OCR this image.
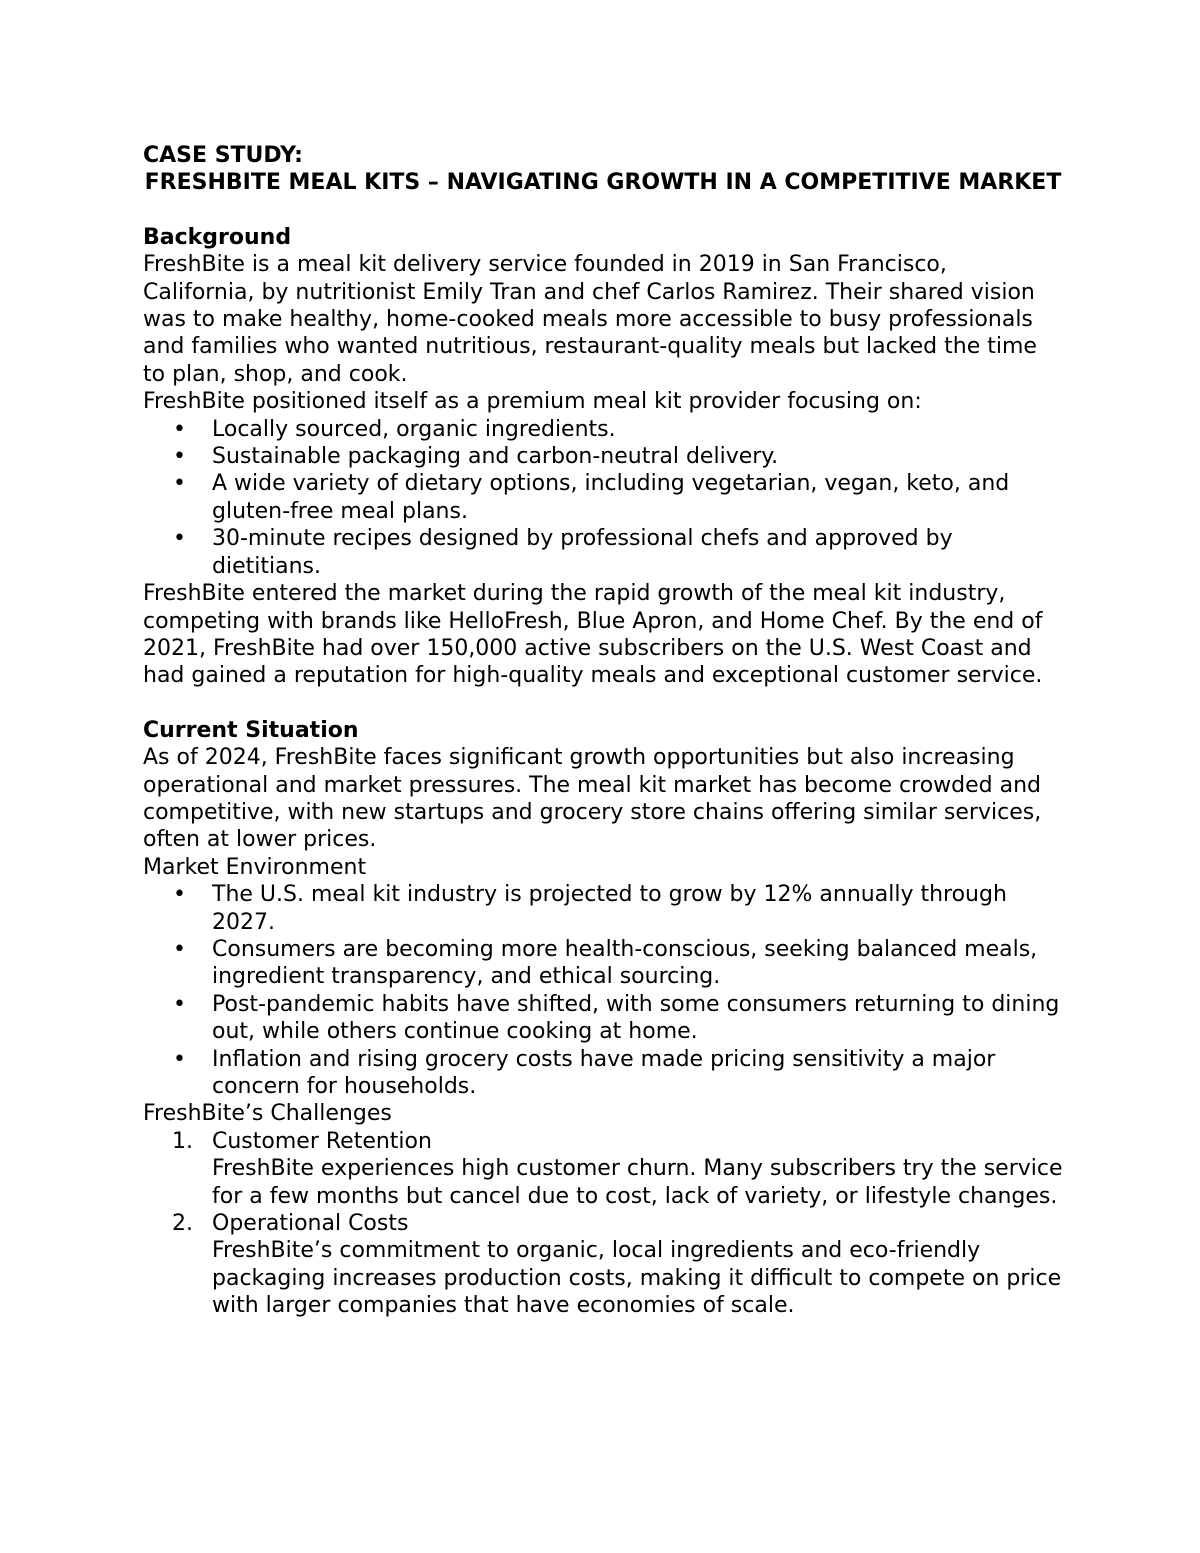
CASE STUDY:
FRESHBITE MEAL KITS – NAVIGATING GROWTH IN A COMPETITIVE MARKET
Background
FreshBite is a meal kit delivery service founded in 2019 in San Francisco, California, by nutritionist Emily Tran and chef Carlos Ramirez. Their shared vision was to make healthy, home-cooked meals more accessible to busy professionals and families who wanted nutritious, restaurant-quality meals but lacked the time to plan, shop, and cook.
FreshBite positioned itself as a premium meal kit provider focusing on:
• Locally sourced, organic ingredients.
• Sustainable packaging and carbon-neutral delivery.
• A wide variety of dietary options, including vegetarian, vegan, keto, and gluten-free meal plans.
• 30-minute recipes designed by professional chefs and approved by dietitians.
FreshBite entered the market during the rapid growth of the meal kit industry, competing with brands like HelloFresh, Blue Apron, and Home Chef. By the end of 2021, FreshBite had over 150,000 active subscribers on the U.S. West Coast and had gained a reputation for high-quality meals and exceptional customer service.
Current Situation
As of 2024, FreshBite faces significant growth opportunities but also increasing operational and market pressures. The meal kit market has become crowded and competitive, with new startups and grocery store chains offering similar services, often at lower prices.
Market Environment
• The U.S. meal kit industry is projected to grow by 12% annually through 2027.
• Consumers are becoming more health-conscious, seeking balanced meals, ingredient transparency, and ethical sourcing.
• Post-pandemic habits have shifted, with some consumers returning to dining out, while others continue cooking at home.
• Inflation and rising grocery costs have made pricing sensitivity a major concern for households.
FreshBite’s Challenges
1. Customer Retention
FreshBite experiences high customer churn. Many subscribers try the service for a few months but cancel due to cost, lack of variety, or lifestyle changes.
2. Operational Costs
FreshBite’s commitment to organic, local ingredients and eco-friendly packaging increases production costs, making it difficult to compete on price with larger companies that have economies of scale.
